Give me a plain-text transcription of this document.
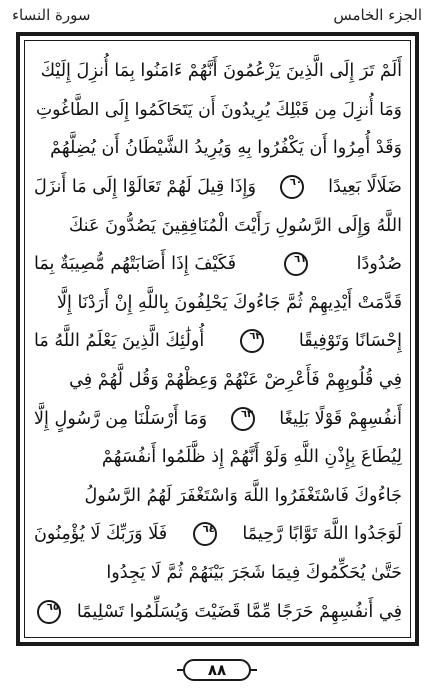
سورة النساء	الجزء الخامس
أَلَمْ تَرَ إِلَى الَّذِينَ يَزْعُمُونَ أَنَّهُمْ ءَامَنُوا بِمَا أُنزِلَ إِلَيْكَ
وَمَا أُنزِلَ مِن قَبْلِكَ يُرِيدُونَ أَن يَتَحَاكَمُوا إِلَى الطَّاغُوتِ
وَقَدْ أُمِرُوا أَن يَكْفُرُوا بِهِ وَيُرِيدُ الشَّيْطَانُ أَن يُضِلَّهُمْ
ضَلَالًا بَعِيدًا
٦٠
وَإِذَا قِيلَ لَهُمْ تَعَالَوْا إِلَى مَا أَنزَلَ
اللَّهُ وَإِلَى الرَّسُولِ رَأَيْتَ الْمُنَافِقِينَ يَصُدُّونَ عَنكَ
صُدُودًا
٦١
فَكَيْفَ إِذَا أَصَابَتْهُم مُّصِيبَةٌ بِمَا
قَدَّمَتْ أَيْدِيهِمْ ثُمَّ جَاءُوكَ يَحْلِفُونَ بِاللَّهِ إِنْ أَرَدْنَا إِلَّا
إِحْسَانًا وَتَوْفِيقًا
٦٢
أُولَٰئِكَ الَّذِينَ يَعْلَمُ اللَّهُ مَا
فِي قُلُوبِهِمْ فَأَعْرِضْ عَنْهُمْ وَعِظْهُمْ وَقُل لَّهُمْ فِي
أَنفُسِهِمْ قَوْلًا بَلِيغًا
٦٣
وَمَا أَرْسَلْنَا مِن رَّسُولٍ إِلَّا
لِيُطَاعَ بِإِذْنِ اللَّهِ وَلَوْ أَنَّهُمْ إِذ ظَّلَمُوا أَنفُسَهُمْ
جَاءُوكَ فَاسْتَغْفَرُوا اللَّهَ وَاسْتَغْفَرَ لَهُمُ الرَّسُولُ
لَوَجَدُوا اللَّهَ تَوَّابًا رَّحِيمًا
٦٤
فَلَا وَرَبِّكَ لَا يُؤْمِنُونَ
حَتَّىٰ يُحَكِّمُوكَ فِيمَا شَجَرَ بَيْنَهُمْ ثُمَّ لَا يَجِدُوا
فِي أَنفُسِهِمْ حَرَجًا مِّمَّا قَضَيْتَ وَيُسَلِّمُوا تَسْلِيمًا
٦٥
٨٨
